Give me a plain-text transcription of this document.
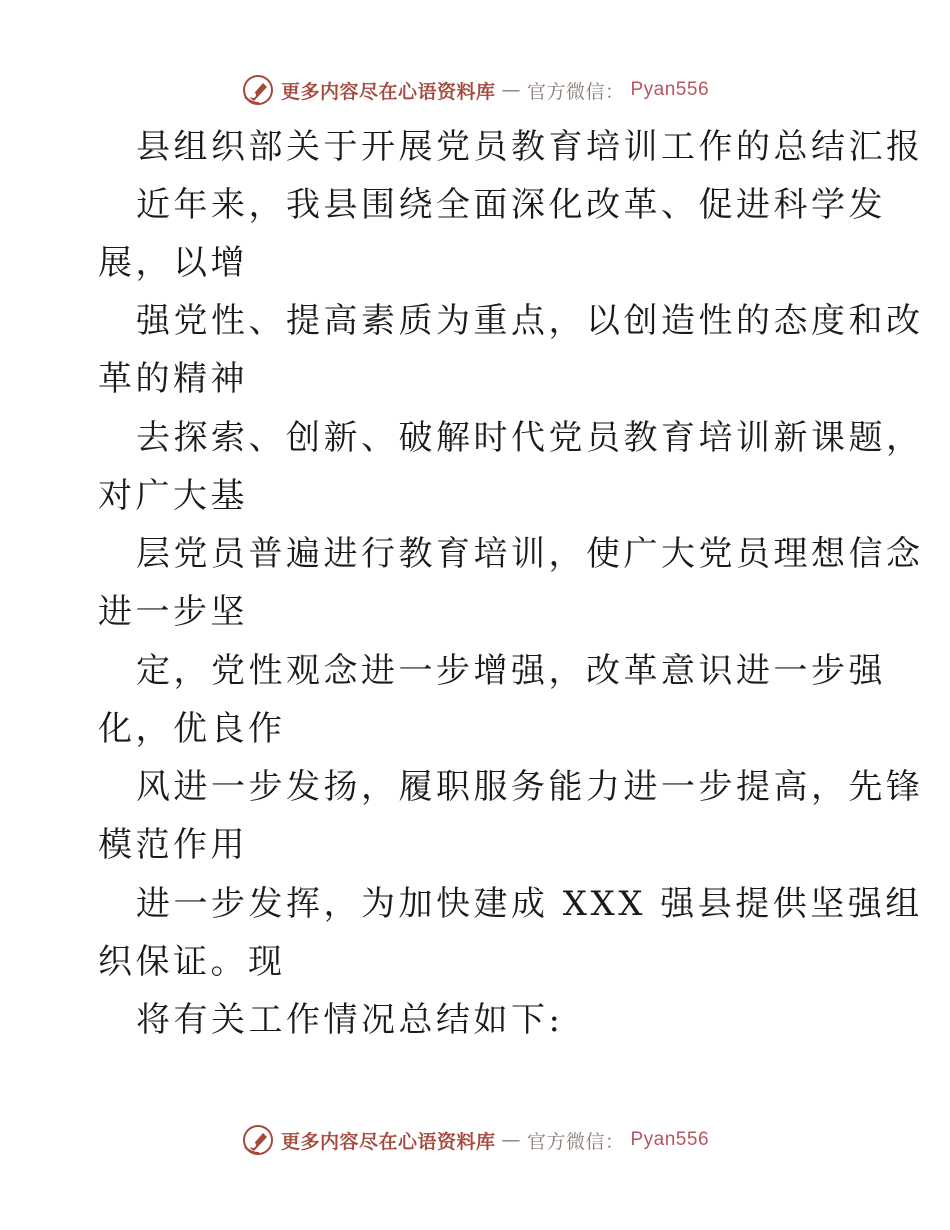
更多内容尽在心语资料库 — 官方微信： Pyan556
县组织部关于开展党员教育培训工作的总结汇报
近年来，我县围绕全面深化改革、促进科学发
展，以增
强党性、提高素质为重点，以创造性的态度和改
革的精神
去探索、创新、破解时代党员教育培训新课题，
对广大基
层党员普遍进行教育培训，使广大党员理想信念
进一步坚
定，党性观念进一步增强，改革意识进一步强
化，优良作
风进一步发扬，履职服务能力进一步提高，先锋
模范作用
进一步发挥，为加快建成 XXX 强县提供坚强组
织保证。现
将有关工作情况总结如下:
更多内容尽在心语资料库 — 官方微信： Pyan556
